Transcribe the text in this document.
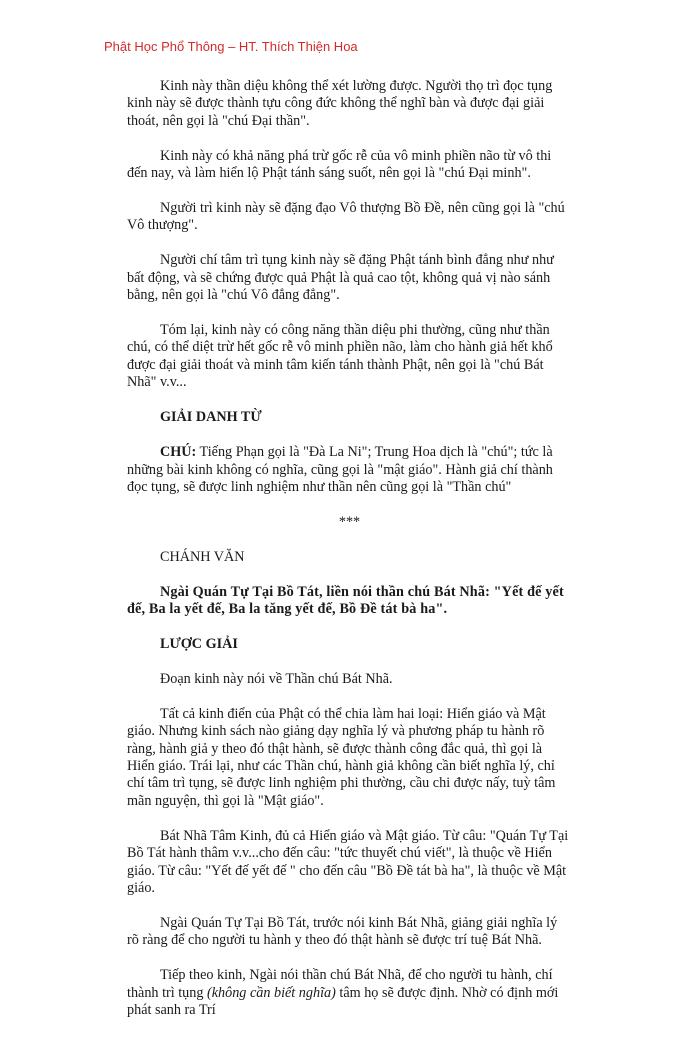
Phật Học Phổ Thông – HT. Thích Thiện Hoa

Kinh này thần diệu không thể xét lường được. Người thọ trì đọc tụng kinh này sẽ được thành tựu công đức không thể nghĩ bàn và được đại giải thoát, nên gọi là "chú Đại thần".

Kinh này có khả năng phá trừ gốc rễ của vô minh phiền não từ vô thi đến nay, và làm hiển lộ Phật tánh sáng suốt, nên gọi là "chú Đại minh".

Người trì kinh này sẽ đặng đạo Vô thượng Bồ Đề, nên cũng gọi là "chú Vô thượng".

Người chí tâm trì tụng kinh này sẽ đặng Phật tánh bình đẳng như như bất động, và sẽ chứng được quả Phật là quả cao tột, không quả vị nào sánh bằng, nên gọi là "chú Vô đẳng đẳng".

Tóm lại, kinh này có công năng thần diệu phi thường, cũng như thần chú, có thể diệt trừ hết gốc rễ vô minh phiền não, làm cho hành giả hết khổ được đại giải thoát và minh tâm kiến tánh thành Phật, nên gọi là "chú Bát Nhã" v.v...

GIẢI DANH TỪ

CHÚ: Tiếng Phạn gọi là "Đà La Ni"; Trung Hoa dịch là "chú"; tức là những bài kinh không có nghĩa, cũng gọi là "mật giáo". Hành giả chí thành đọc tụng, sẽ được linh nghiệm như thần nên cũng gọi là "Thần chú"

***

CHÁNH VĂN

Ngài Quán Tự Tại Bồ Tát, liền nói thần chú Bát Nhã: "Yết đế yết đế, Ba la yết đế, Ba la tăng yết đế, Bồ Đề tát bà ha".

LƯỢC GIẢI

Đoạn kinh này nói về Thần chú Bát Nhã.

Tất cả kinh điển của Phật có thể chia làm hai loại: Hiển giáo và Mật giáo. Nhưng kinh sách nào giảng dạy nghĩa lý và phương pháp tu hành rõ ràng, hành giả y theo đó thật hành, sẽ được thành công đắc quả, thì gọi là Hiển giáo. Trái lại, như các Thần chú, hành giả không cần biết nghĩa lý, chỉ chí tâm trì tụng, sẽ được linh nghiệm phi thường, cầu chi được nấy, tuỳ tâm mãn nguyện, thì gọi là "Mật giáo".

Bát Nhã Tâm Kinh, đủ cả Hiển giáo và Mật giáo. Từ câu: "Quán Tự Tại Bồ Tát hành thâm v.v...cho đến câu: "tức thuyết chú viết", là thuộc về Hiển giáo. Từ câu: "Yết đế yết đế " cho đến câu "Bồ Đề tát bà ha", là thuộc về Mật giáo.

Ngài Quán Tự Tại Bồ Tát, trước nói kinh Bát Nhã, giảng giải nghĩa lý rõ ràng để cho người tu hành y theo đó thật hành sẽ được trí tuệ Bát Nhã.

Tiếp theo kinh, Ngài nói thần chú Bát Nhã, để cho người tu hành, chí thành trì tụng (không cần biết nghĩa) tâm họ sẽ được định. Nhờ có định mới phát sanh ra Trí
